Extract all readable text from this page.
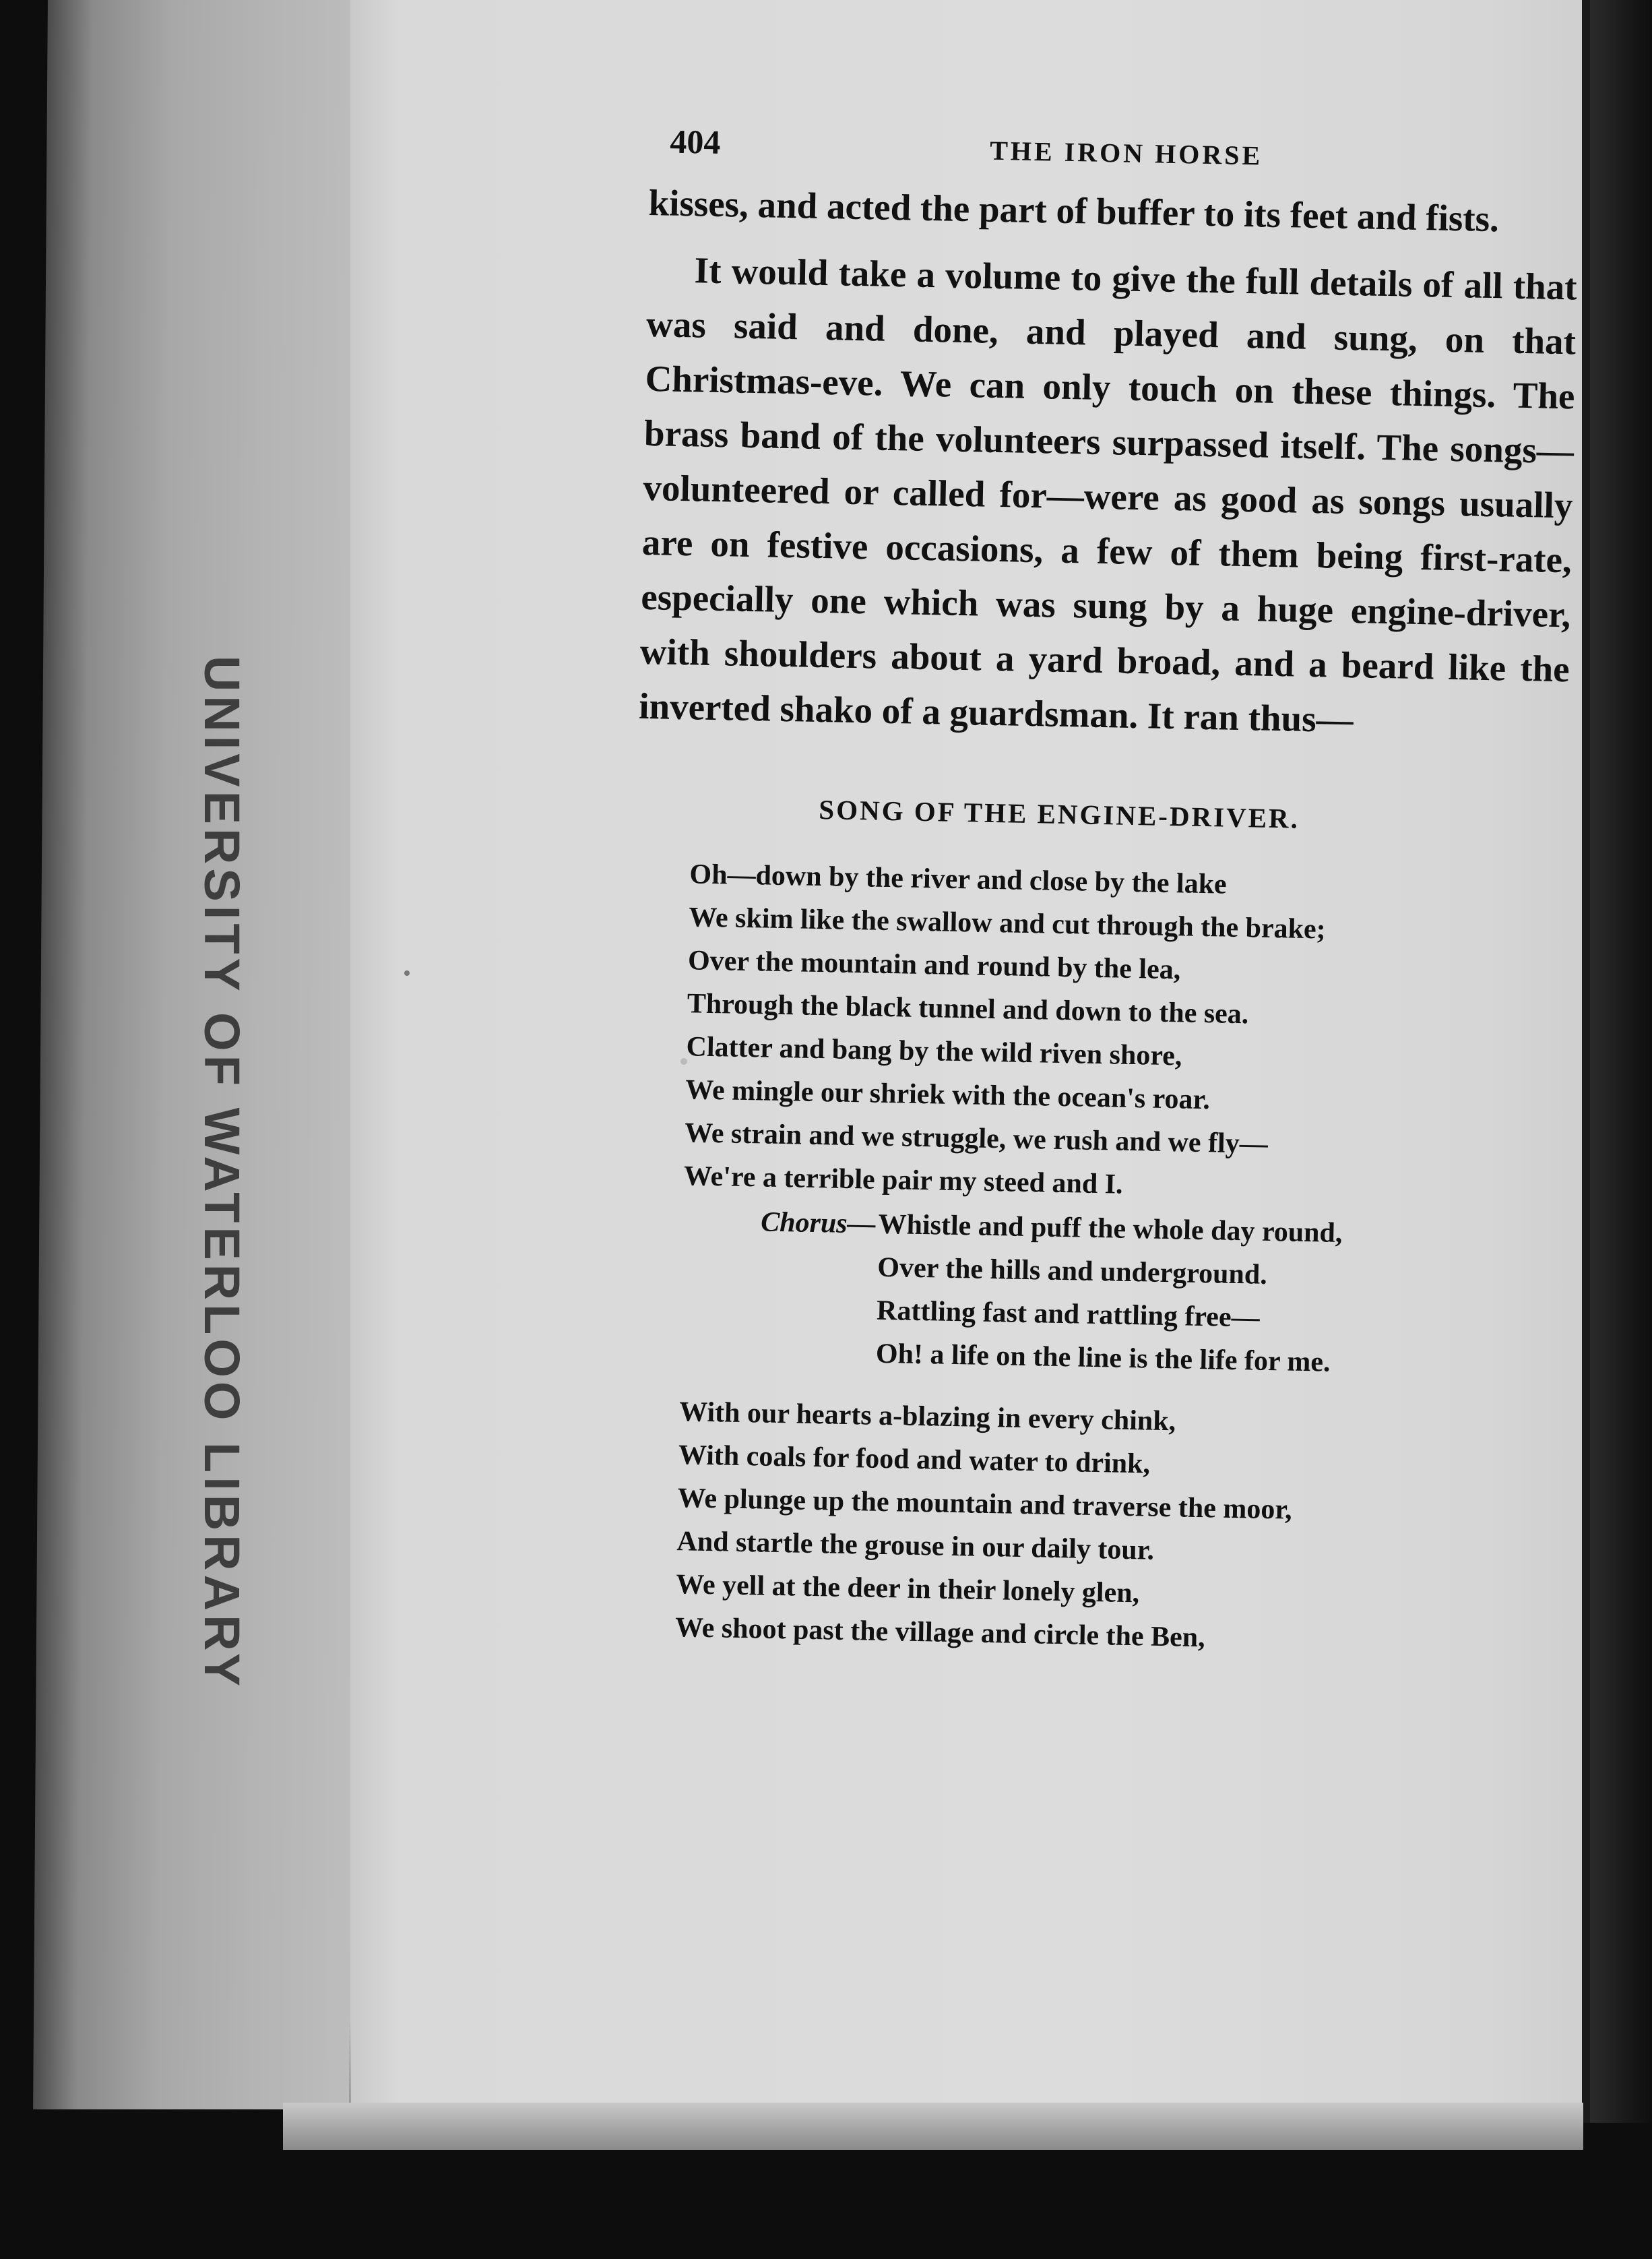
UNIVERSITY OF WATERLOO LIBRARY
404	THE IRON HORSE

kisses, and acted the part of buffer to its feet and fists.

It would take a volume to give the full details of all that was said and done, and played and sung, on that Christmas-eve. We can only touch on these things. The brass band of the volunteers surpassed itself. The songs—volunteered or called for—were as good as songs usually are on festive occasions, a few of them being first-rate, especially one which was sung by a huge engine-driver, with shoulders about a yard broad, and a beard like the inverted shako of a guardsman. It ran thus—

SONG OF THE ENGINE-DRIVER.
Oh—down by the river and close by the lake
We skim like the swallow and cut through the brake;
Over the mountain and round by the lea,
Through the black tunnel and down to the sea.
Clatter and bang by the wild riven shore,
We mingle our shriek with the ocean's roar.
We strain and we struggle, we rush and we fly—
We're a terrible pair my steed and I.
Chorus— Whistle and puff the whole day round,
Over the hills and underground.
Rattling fast and rattling free—
Oh! a life on the line is the life for me.
With our hearts a-blazing in every chink,
With coals for food and water to drink,
We plunge up the mountain and traverse the moor,
And startle the grouse in our daily tour.
We yell at the deer in their lonely glen,
We shoot past the village and circle the Ben,
